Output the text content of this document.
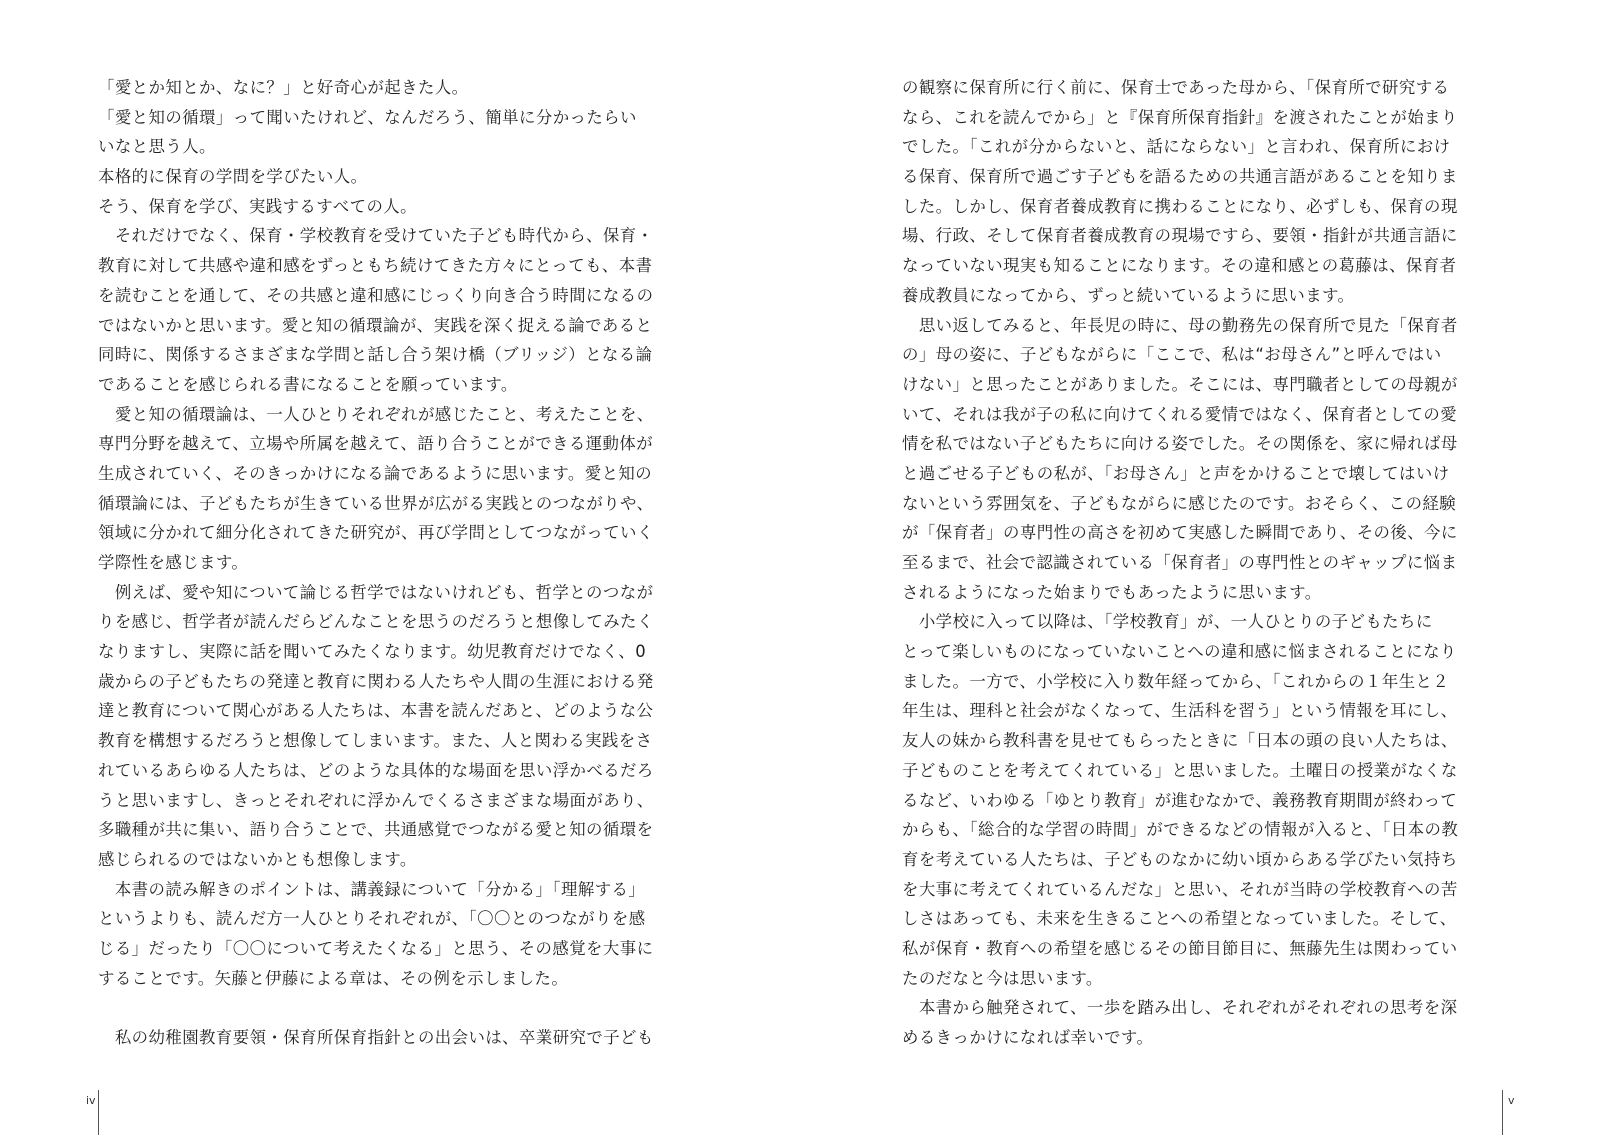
「愛とか知とか、なに？」と好奇心が起きた人。
「愛と知の循環」って聞いたけれど、なんだろう、簡単に分かったらい
いなと思う人。
本格的に保育の学問を学びたい人。
そう、保育を学び、実践するすべての人。
　それだけでなく、保育・学校教育を受けていた子ども時代から、保育・
教育に対して共感や違和感をずっともち続けてきた方々にとっても、本書
を読むことを通して、その共感と違和感にじっくり向き合う時間になるの
ではないかと思います。愛と知の循環論が、実践を深く捉える論であると
同時に、関係するさまざまな学問と話し合う架け橋（ブリッジ）となる論
であることを感じられる書になることを願っています。
　愛と知の循環論は、一人ひとりそれぞれが感じたこと、考えたことを、
専門分野を越えて、立場や所属を越えて、語り合うことができる運動体が
生成されていく、そのきっかけになる論であるように思います。愛と知の
循環論には、子どもたちが生きている世界が広がる実践とのつながりや、
領域に分かれて細分化されてきた研究が、再び学問としてつながっていく
学際性を感じます。
　例えば、愛や知について論じる哲学ではないけれども、哲学とのつなが
りを感じ、哲学者が読んだらどんなことを思うのだろうと想像してみたく
なりますし、実際に話を聞いてみたくなります。幼児教育だけでなく、0
歳からの子どもたちの発達と教育に関わる人たちや人間の生涯における発
達と教育について関心がある人たちは、本書を読んだあと、どのような公
教育を構想するだろうと想像してしまいます。また、人と関わる実践をさ
れているあらゆる人たちは、どのような具体的な場面を思い浮かべるだろ
うと思いますし、きっとそれぞれに浮かんでくるさまざまな場面があり、
多職種が共に集い、語り合うことで、共通感覚でつながる愛と知の循環を
感じられるのではないかとも想像します。
　本書の読み解きのポイントは、講義録について「分かる」「理解する」
というよりも、読んだ方一人ひとりそれぞれが、「〇〇とのつながりを感
じる」だったり「〇〇について考えたくなる」と思う、その感覚を大事に
することです。矢藤と伊藤による章は、その例を示しました。
　私の幼稚園教育要領・保育所保育指針との出会いは、卒業研究で子ども
の観察に保育所に行く前に、保育士であった母から、「保育所で研究する
なら、これを読んでから」と『保育所保育指針』を渡されたことが始まり
でした。「これが分からないと、話にならない」と言われ、保育所におけ
る保育、保育所で過ごす子どもを語るための共通言語があることを知りま
した。しかし、保育者養成教育に携わることになり、必ずしも、保育の現
場、行政、そして保育者養成教育の現場ですら、要領・指針が共通言語に
なっていない現実も知ることになります。その違和感との葛藤は、保育者
養成教員になってから、ずっと続いているように思います。
　思い返してみると、年長児の時に、母の勤務先の保育所で見た「保育者
の」母の姿に、子どもながらに「ここで、私は“お母さん”と呼んではい
けない」と思ったことがありました。そこには、専門職者としての母親が
いて、それは我が子の私に向けてくれる愛情ではなく、保育者としての愛
情を私ではない子どもたちに向ける姿でした。その関係を、家に帰れば母
と過ごせる子どもの私が、「お母さん」と声をかけることで壊してはいけ
ないという雰囲気を、子どもながらに感じたのです。おそらく、この経験
が「保育者」の専門性の高さを初めて実感した瞬間であり、その後、今に
至るまで、社会で認識されている「保育者」の専門性とのギャップに悩ま
されるようになった始まりでもあったように思います。
　小学校に入って以降は、「学校教育」が、一人ひとりの子どもたちに
とって楽しいものになっていないことへの違和感に悩まされることになり
ました。一方で、小学校に入り数年経ってから、「これからの１年生と２
年生は、理科と社会がなくなって、生活科を習う」という情報を耳にし、
友人の妹から教科書を見せてもらったときに「日本の頭の良い人たちは、
子どものことを考えてくれている」と思いました。土曜日の授業がなくな
るなど、いわゆる「ゆとり教育」が進むなかで、義務教育期間が終わって
からも、「総合的な学習の時間」ができるなどの情報が入ると、「日本の教
育を考えている人たちは、子どものなかに幼い頃からある学びたい気持ち
を大事に考えてくれているんだな」と思い、それが当時の学校教育への苦
しさはあっても、未来を生きることへの希望となっていました。そして、
私が保育・教育への希望を感じるその節目節目に、無藤先生は関わってい
たのだなと今は思います。
　本書から触発されて、一歩を踏み出し、それぞれがそれぞれの思考を深
めるきっかけになれば幸いです。
iv	v
